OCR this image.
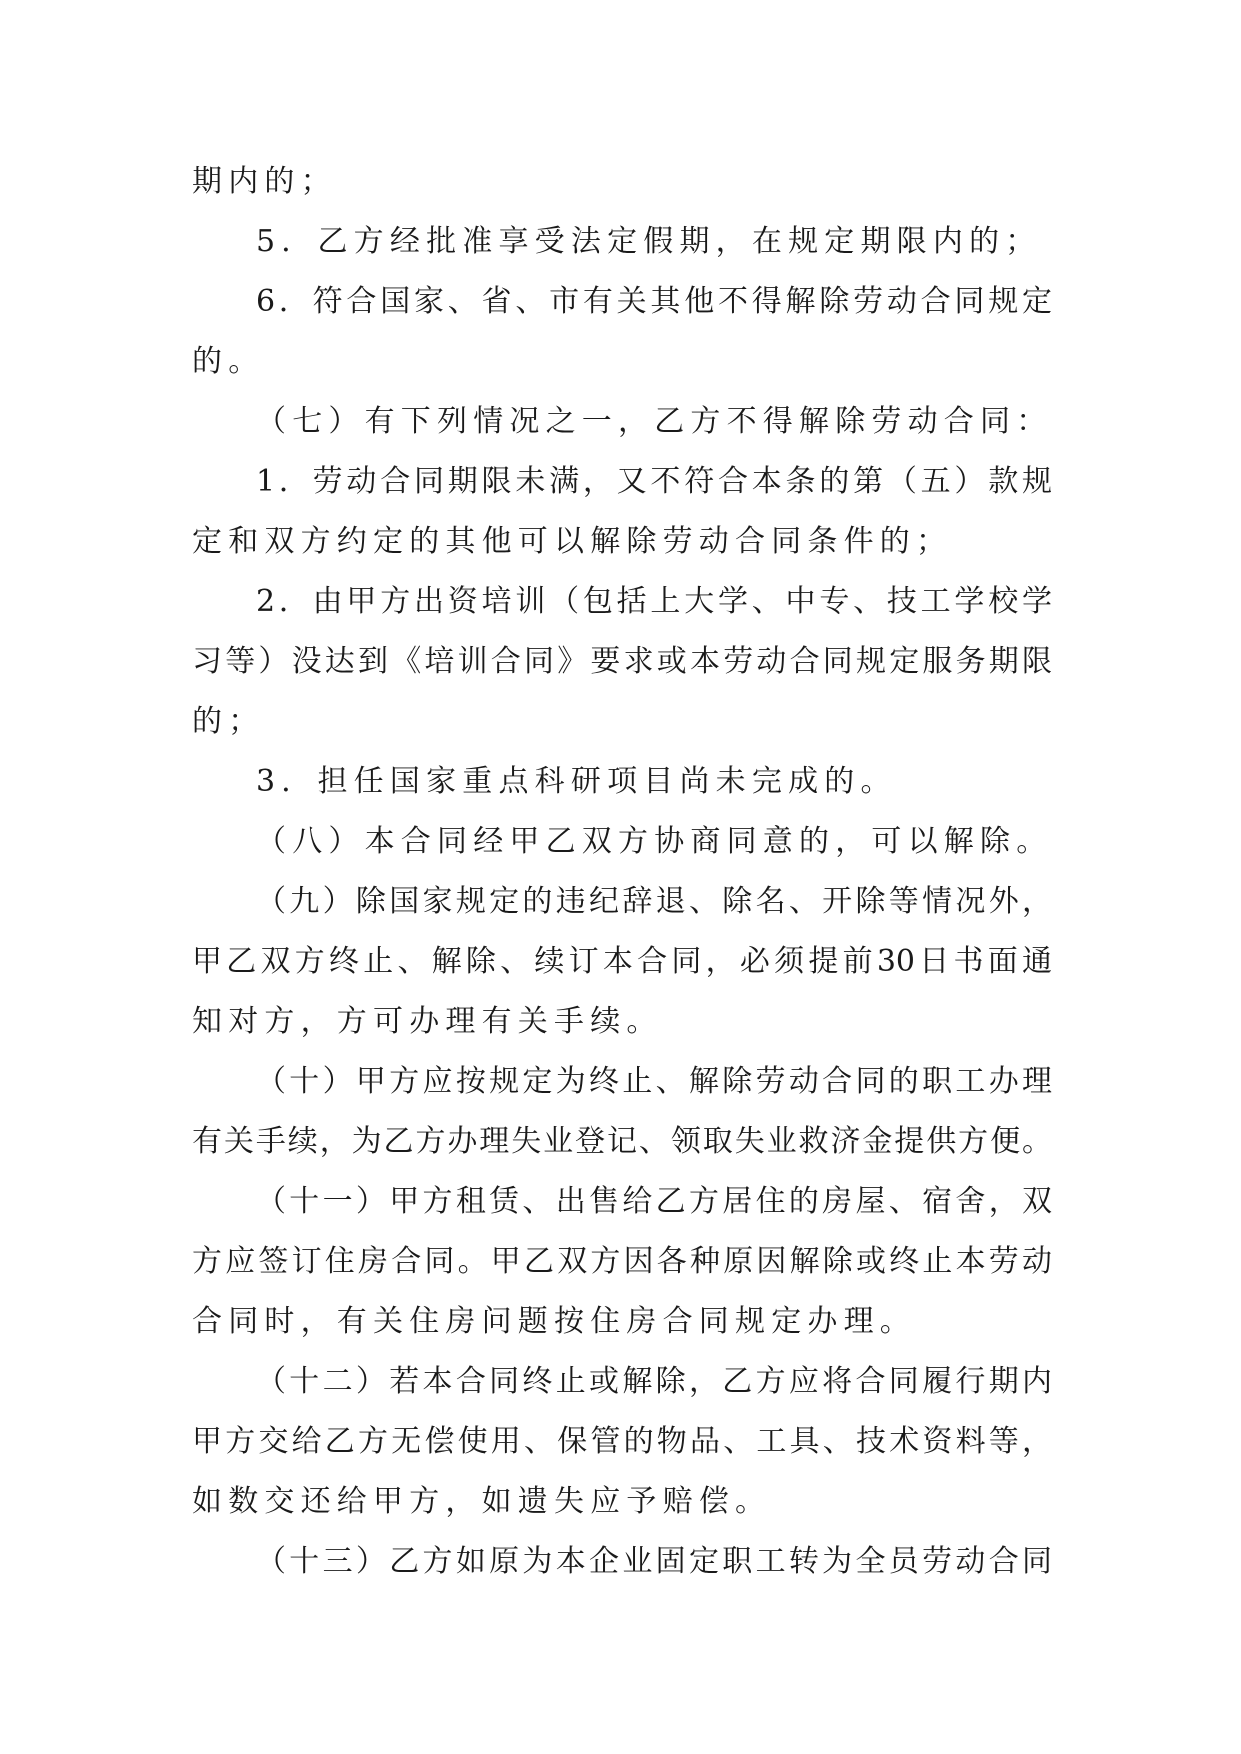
期内的；
5．乙方经批准享受法定假期，在规定期限内的；
6．符合国家、省、市有关其他不得解除劳动合同规定
的。
（七）有下列情况之一，乙方不得解除劳动合同：
1．劳动合同期限未满，又不符合本条的第（五）款规
定和双方约定的其他可以解除劳动合同条件的；
2．由甲方出资培训（包括上大学、中专、技工学校学
习等）没达到《培训合同》要求或本劳动合同规定服务期限
的；
3．担任国家重点科研项目尚未完成的。
（八）本合同经甲乙双方协商同意的，可以解除。
（九）除国家规定的违纪辞退、除名、开除等情况外，
甲乙双方终止、解除、续订本合同，必须提前30日书面通
知对方，方可办理有关手续。
（十）甲方应按规定为终止、解除劳动合同的职工办理
有关手续，为乙方办理失业登记、领取失业救济金提供方便。
（十一）甲方租赁、出售给乙方居住的房屋、宿舍，双
方应签订住房合同。甲乙双方因各种原因解除或终止本劳动
合同时，有关住房问题按住房合同规定办理。
（十二）若本合同终止或解除，乙方应将合同履行期内
甲方交给乙方无偿使用、保管的物品、工具、技术资料等，
如数交还给甲方，如遗失应予赔偿。
（十三）乙方如原为本企业固定职工转为全员劳动合同
